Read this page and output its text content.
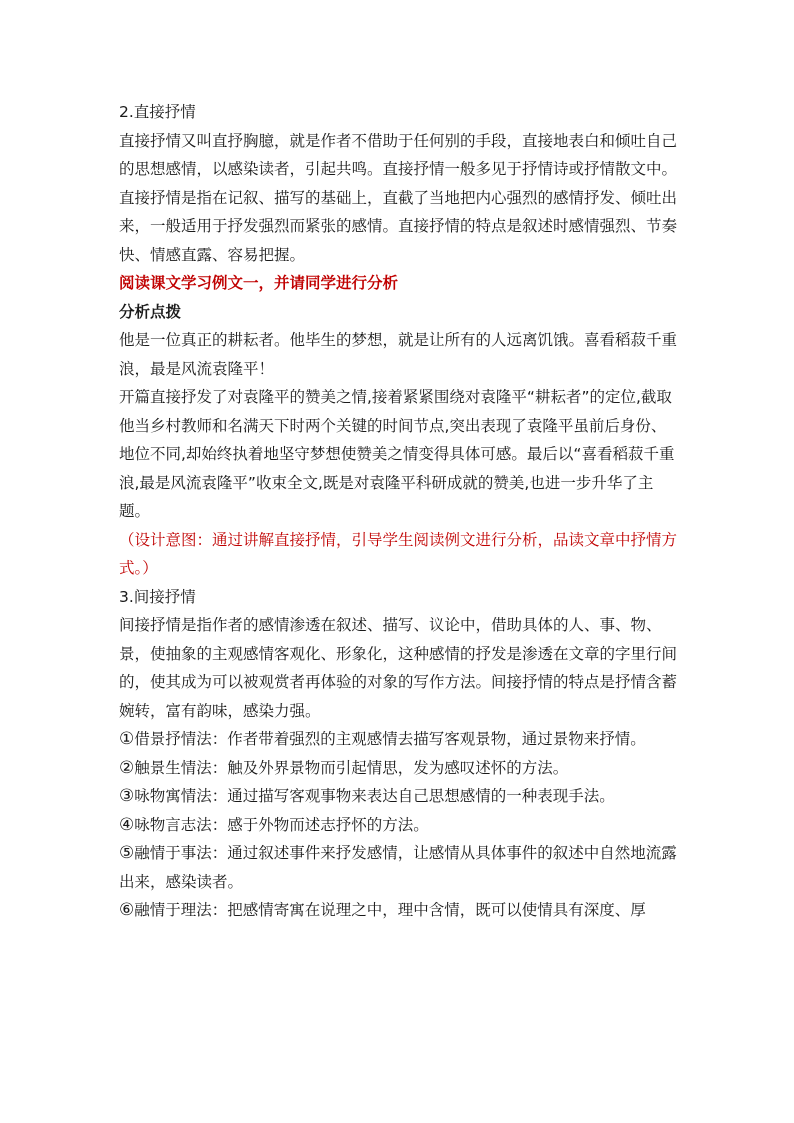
2.直接抒情

直接抒情又叫直抒胸臆，就是作者不借助于任何别的手段，直接地表白和倾吐自己的思想感情，以感染读者，引起共鸣。直接抒情一般多见于抒情诗或抒情散文中。直接抒情是指在记叙、描写的基础上，直截了当地把内心强烈的感情抒发、倾吐出来，一般适用于抒发强烈而紧张的感情。直接抒情的特点是叙述时感情强烈、节奏快、情感直露、容易把握。

阅读课文学习例文一，并请同学进行分析

分析点拨

他是一位真正的耕耘者。他毕生的梦想，就是让所有的人远离饥饿。喜看稻菽千重浪，最是风流袁隆平！

开篇直接抒发了对袁隆平的赞美之情,接着紧紧围绕对袁隆平“耕耘者”的定位,截取他当乡村教师和名满天下时两个关键的时间节点,突出表现了袁隆平虽前后身份、地位不同,却始终执着地坚守梦想使赞美之情变得具体可感。最后以“喜看稻菽千重浪,最是风流袁隆平”收束全文,既是对袁隆平科研成就的赞美,也进一步升华了主题。

（设计意图：通过讲解直接抒情，引导学生阅读例文进行分析，品读文章中抒情方式。）

3.间接抒情

间接抒情是指作者的感情渗透在叙述、描写、议论中，借助具体的人、事、物、景，使抽象的主观感情客观化、形象化，这种感情的抒发是渗透在文章的字里行间的，使其成为可以被观赏者再体验的对象的写作方法。间接抒情的特点是抒情含蓄婉转，富有韵味，感染力强。

①借景抒情法：作者带着强烈的主观感情去描写客观景物，通过景物来抒情。

②触景生情法：触及外界景物而引起情思，发为感叹述怀的方法。

③咏物寓情法：通过描写客观事物来表达自己思想感情的一种表现手法。

④咏物言志法：感于外物而述志抒怀的方法。

⑤融情于事法：通过叙述事件来抒发感情，让感情从具体事件的叙述中自然地流露出来，感染读者。

⑥融情于理法：把感情寄寓在说理之中，理中含情，既可以使情具有深度、厚
